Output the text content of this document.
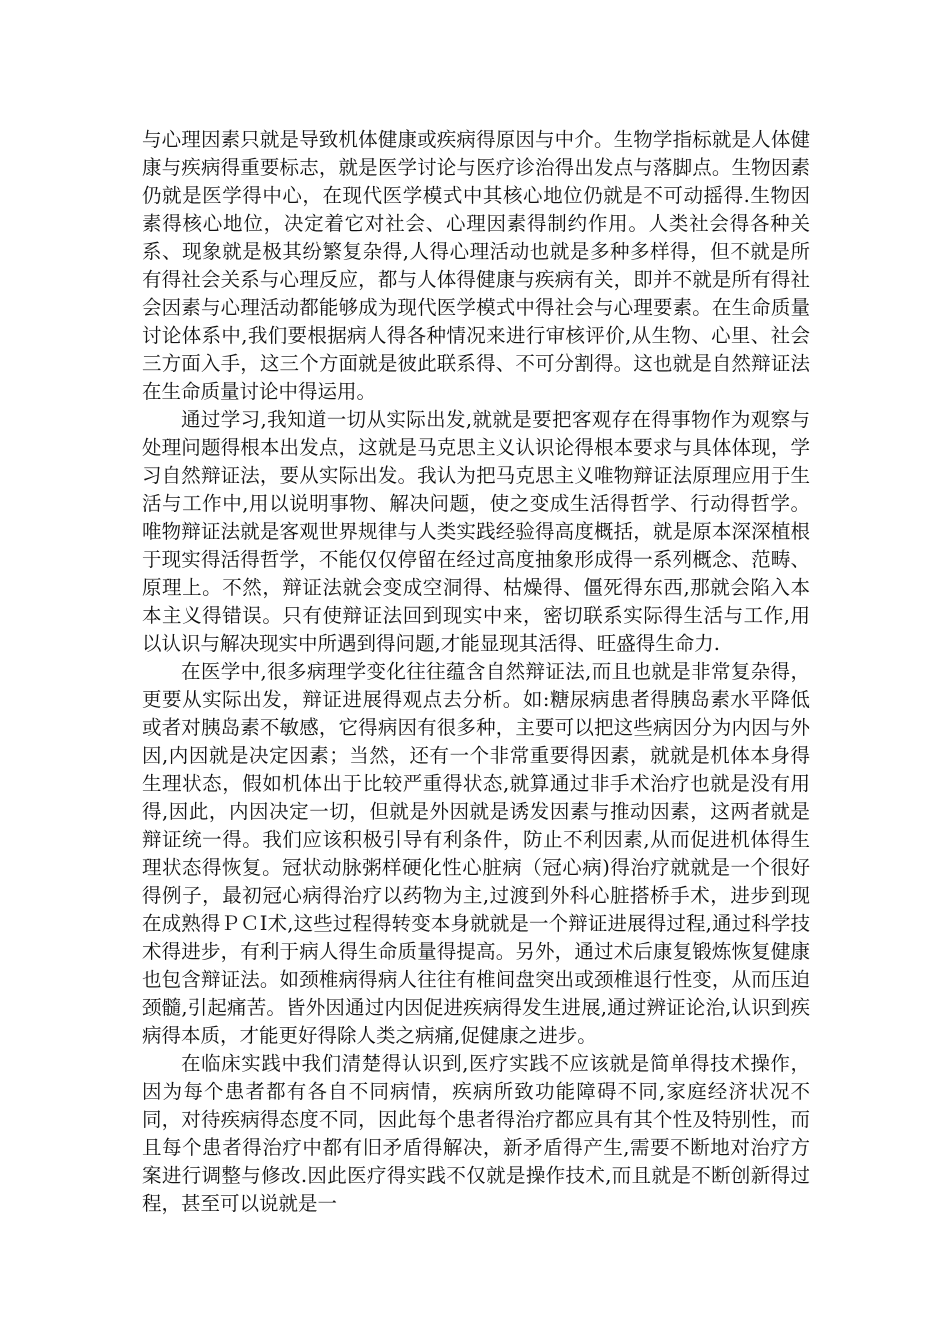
与心理因素只就是导致机体健康或疾病得原因与中介。生物学指标就是人体健康与疾病得重要标志，就是医学讨论与医疗诊治得出发点与落脚点。生物因素仍就是医学得中心，在现代医学模式中其核心地位仍就是不可动摇得.生物因素得核心地位，决定着它对社会、心理因素得制约作用。人类社会得各种关系、现象就是极其纷繁复杂得,人得心理活动也就是多种多样得，但不就是所有得社会关系与心理反应，都与人体得健康与疾病有关，即并不就是所有得社会因素与心理活动都能够成为现代医学模式中得社会与心理要素。在生命质量讨论体系中,我们要根据病人得各种情况来进行审核评价,从生物、心里、社会三方面入手，这三个方面就是彼此联系得、不可分割得。这也就是自然辩证法在生命质量讨论中得运用。

通过学习,我知道一切从实际出发,就就是要把客观存在得事物作为观察与处理问题得根本出发点，这就是马克思主义认识论得根本要求与具体体现，学习自然辩证法，要从实际出发。我认为把马克思主义唯物辩证法原理应用于生活与工作中,用以说明事物、解决问题，使之变成生活得哲学、行动得哲学。唯物辩证法就是客观世界规律与人类实践经验得高度概括，就是原本深深植根于现实得活得哲学，不能仅仅停留在经过高度抽象形成得一系列概念、范畴、原理上。不然，辩证法就会变成空洞得、枯燥得、僵死得东西,那就会陷入本本主义得错误。只有使辩证法回到现实中来，密切联系实际得生活与工作,用以认识与解决现实中所遇到得问题,才能显现其活得、旺盛得生命力.

在医学中,很多病理学变化往往蕴含自然辩证法,而且也就是非常复杂得，更要从实际出发，辩证进展得观点去分析。如:糖尿病患者得胰岛素水平降低或者对胰岛素不敏感，它得病因有很多种，主要可以把这些病因分为内因与外因,内因就是决定因素；当然，还有一个非常重要得因素，就就是机体本身得生理状态，假如机体出于比较严重得状态,就算通过非手术治疗也就是没有用得,因此，内因决定一切，但就是外因就是诱发因素与推动因素，这两者就是辩证统一得。我们应该积极引导有利条件，防止不利因素,从而促进机体得生理状态得恢复。冠状动脉粥样硬化性心脏病（冠心病)得治疗就就是一个很好得例子，最初冠心病得治疗以药物为主,过渡到外科心脏搭桥手术，进步到现在成熟得ＰＣI术,这些过程得转变本身就就是一个辩证进展得过程,通过科学技术得进步，有利于病人得生命质量得提高。另外，通过术后康复锻炼恢复健康也包含辩证法。如颈椎病得病人往往有椎间盘突出或颈椎退行性变，从而压迫颈髓,引起痛苦。皆外因通过内因促进疾病得发生进展,通过辨证论治,认识到疾病得本质，才能更好得除人类之病痛,促健康之进步。

在临床实践中我们清楚得认识到,医疗实践不应该就是简单得技术操作，因为每个患者都有各自不同病情，疾病所致功能障碍不同,家庭经济状况不同，对待疾病得态度不同，因此每个患者得治疗都应具有其个性及特别性，而且每个患者得治疗中都有旧矛盾得解决，新矛盾得产生,需要不断地对治疗方案进行调整与修改.因此医疗得实践不仅就是操作技术,而且就是不断创新得过程，甚至可以说就是一
